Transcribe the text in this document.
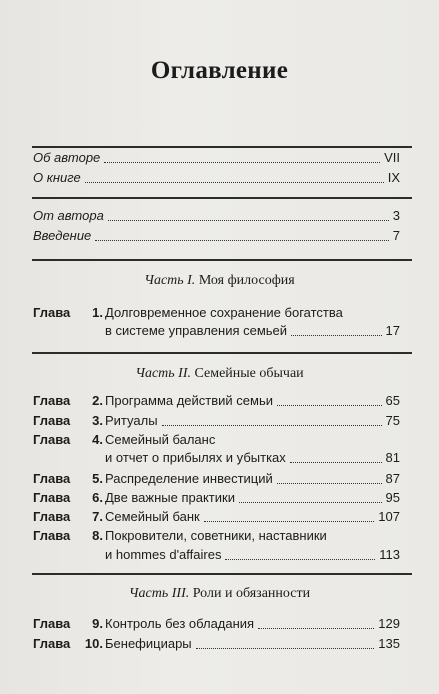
Оглавление
Об авторе	VII
О книге	IX
От автора	3
Введение	7
Часть I. Моя философия
Глава	1. Долговременное сохранение богатства
в системе управления семьей	17
Часть II. Семейные обычаи
Глава	2. Программа действий семьи	65
Глава	3. Ритуалы	75
Глава	4. Семейный баланс
и отчет о прибылях и убытках	81
Глава	5. Распределение инвестиций	87
Глава	6. Две важные практики	95
Глава	7. Семейный банк	107
Глава	8. Покровители, советники, наставники
и hommes d'affaires	113
Часть III. Роли и обязанности
Глава	9. Контроль без обладания	129
Глава	10. Бенефициары	135
